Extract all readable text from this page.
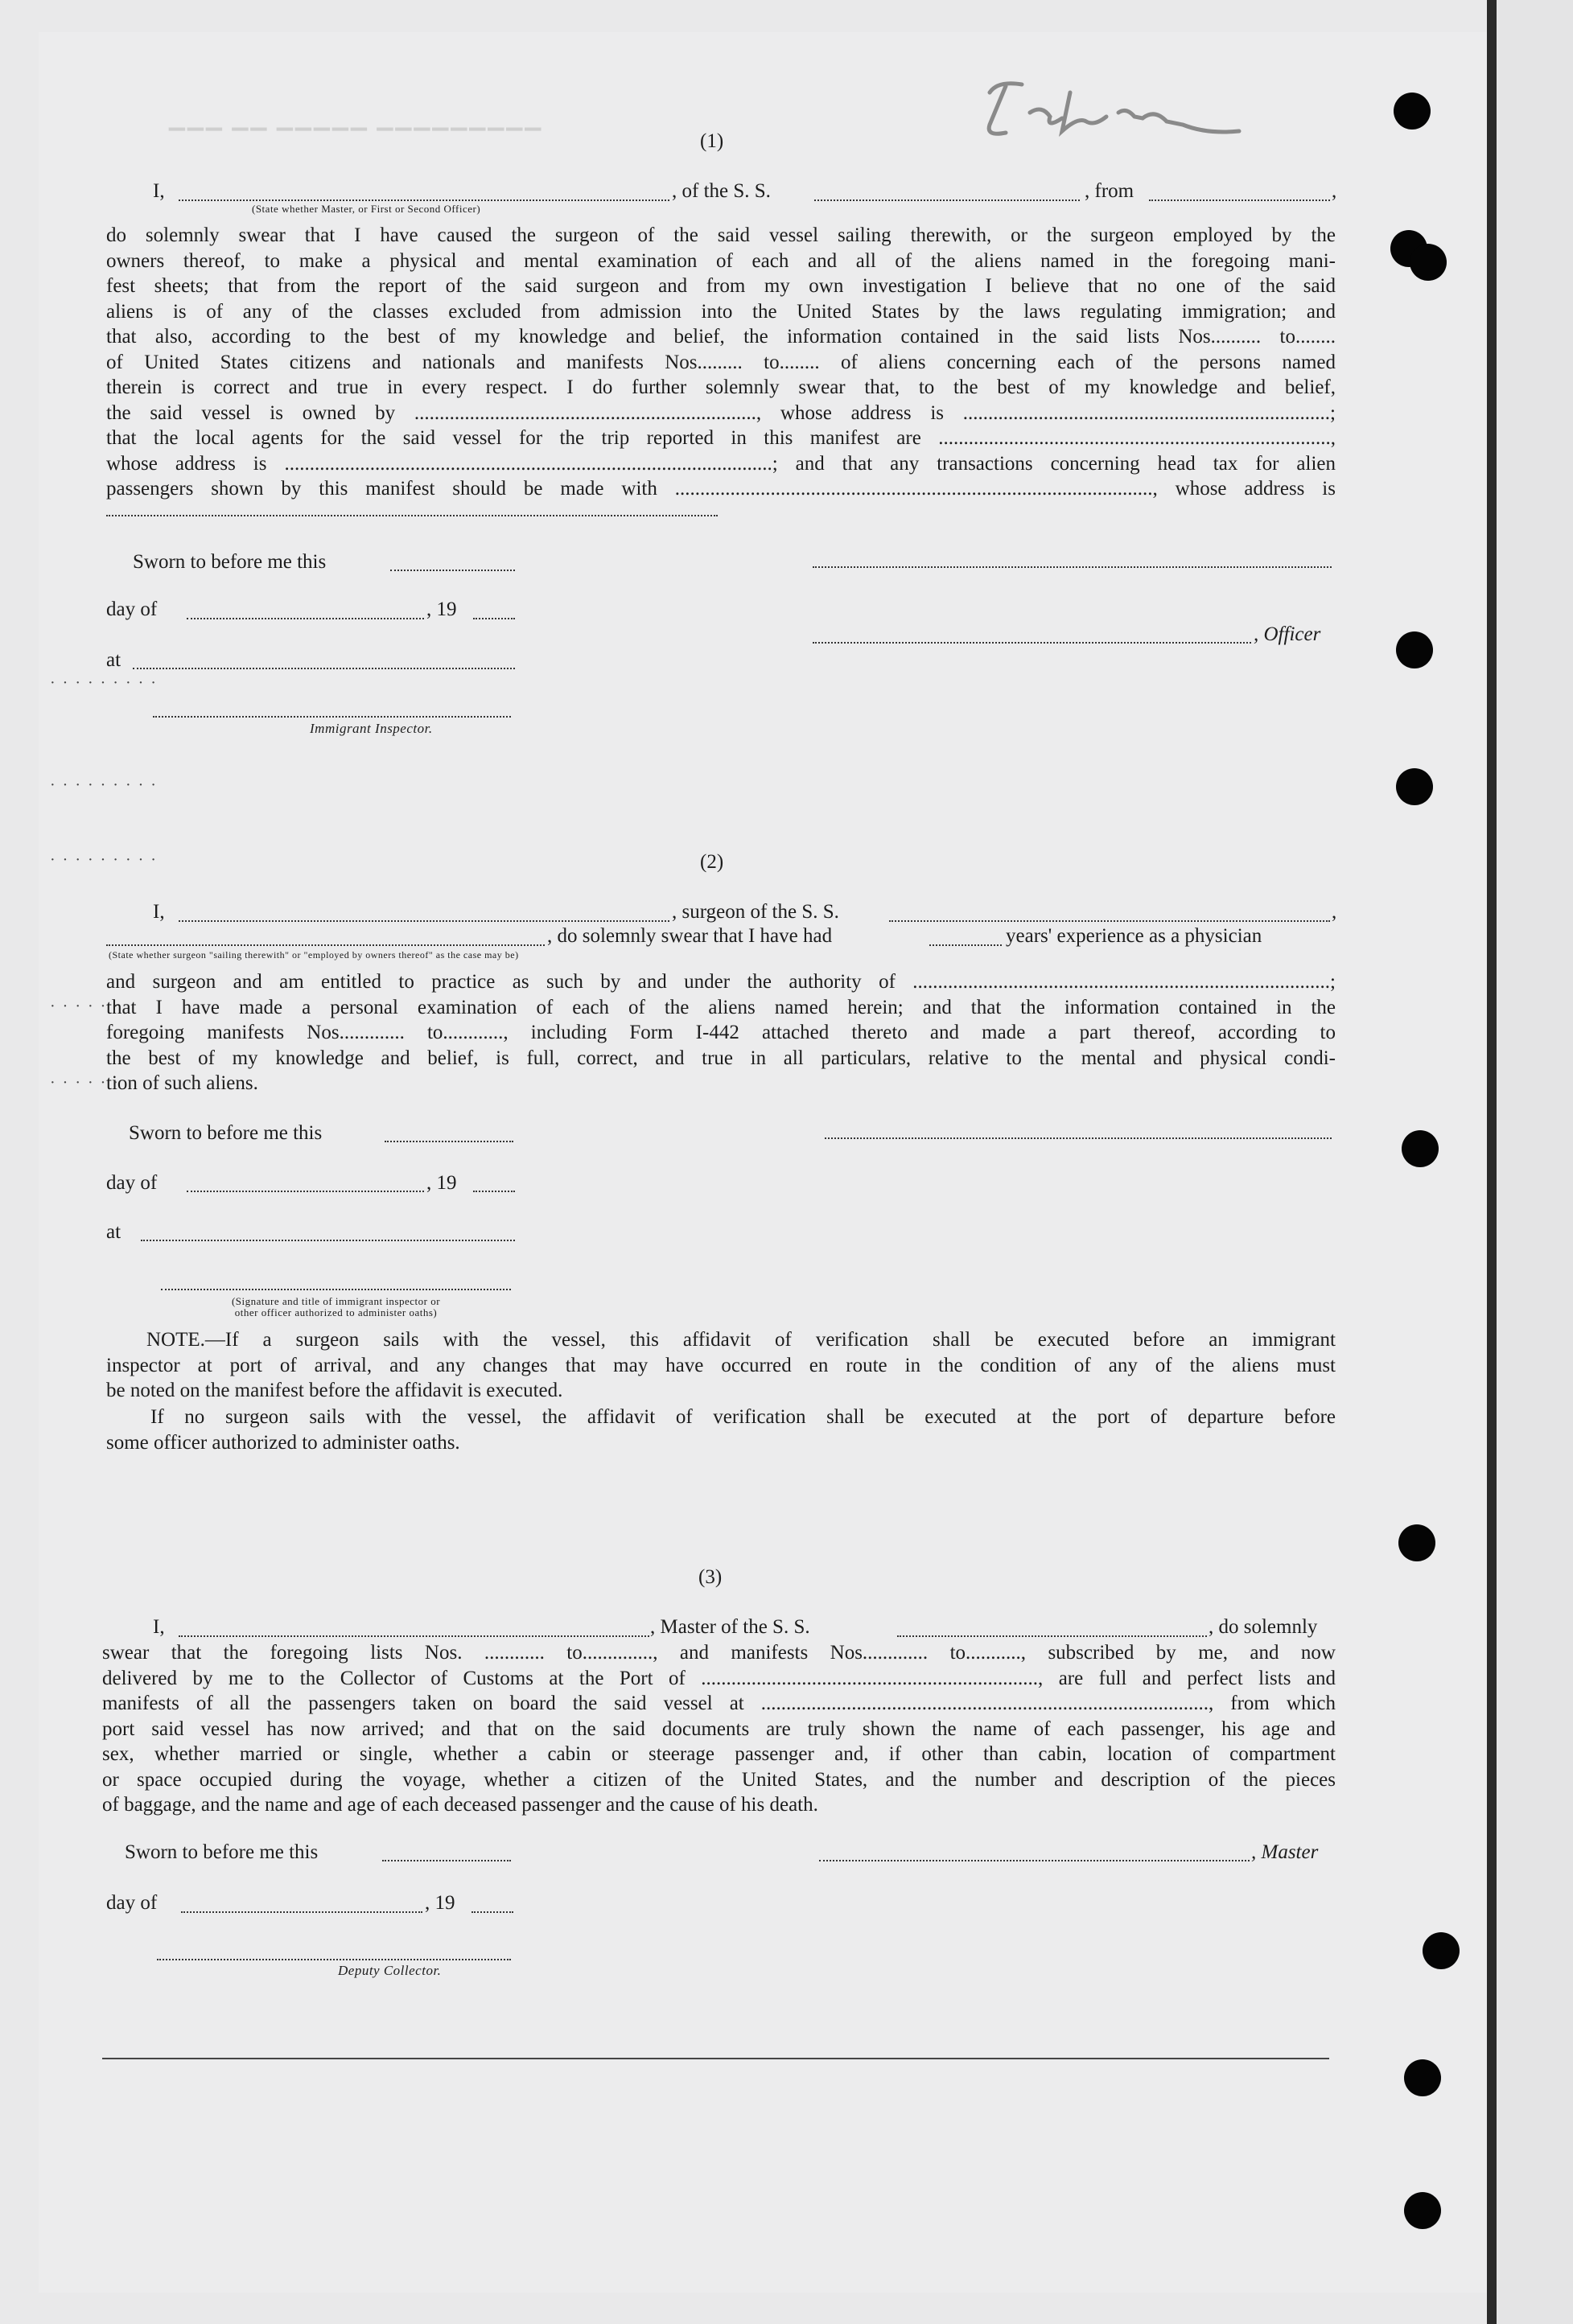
▔▔▔ ▔▔ ▔▔▔▔▔ ▔▔▔▔▔▔▔▔▔	(1)
I,	, of the S. S.	, from	,
(State whether Master, or First or Second Officer)
do solemnly swear that I have caused the surgeon of the said vessel sailing therewith, or the surgeon employed by the
owners thereof, to make a physical and mental examination of each and all of the aliens named in the foregoing mani-
fest sheets; that from the report of the said surgeon and from my own investigation I believe that no one of the said
aliens is of any of the classes excluded from admission into the United States by the laws regulating immigration; and
that also, according to the best of my knowledge and belief, the information contained in the said lists Nos.......... to........
of United States citizens and nationals and manifests Nos......... to........ of aliens concerning each of the persons named
therein is correct and true in every respect. I do further solemnly swear that, to the best of my knowledge and belief,
the said vessel is owned by ...................................................................., whose address is .........................................................................;
that the local agents for the said vessel for the trip reported in this manifest are ..............................................................................,
whose address is .................................................................................................; and that any transactions concerning head tax for alien
passengers shown by this manifest should be made with ..............................................................................................., whose address is
Sworn to before me this
day of	, 19
, Officer
at
·········
Immigrant Inspector.
·········
·········	(2)
I,	, surgeon of the S. S.	,
, do solemnly swear that I have had	years' experience as a physician
(State whether surgeon "sailing therewith" or "employed by owners thereof" as the case may be)
and surgeon and am entitled to practice as such by and under the authority of ...................................................................................;
that I have made a personal examination of each of the aliens named herein; and that the information contained in the
foregoing manifests Nos............. to............, including Form I-442 attached thereto and made a part thereof, according to
the best of my knowledge and belief, is full, correct, and true in all particulars, relative to the mental and physical condi-

tion of such aliens.
······
······
Sworn to before me this
day of	, 19
at
(Signature and title of immigrant inspector or
other officer authorized to administer oaths)
NOTE.—If a surgeon sails with the vessel, this affidavit of verification shall be executed before an immigrant
inspector at port of arrival, and any changes that may have occurred en route in the condition of any of the aliens must

be noted on the manifest before the affidavit is executed.
If no surgeon sails with the vessel, the affidavit of verification shall be executed at the port of departure before

some officer authorized to administer oaths.
(3)
I,	, Master of the S. S.	, do solemnly
swear that the foregoing lists Nos. ............ to.............., and manifests Nos............. to..........., subscribed by me, and now
delivered by me to the Collector of Customs at the Port of ..................................................................., are full and perfect lists and
manifests of all the passengers taken on board the said vessel at ........................................................................................., from which
port said vessel has now arrived; and that on the said documents are truly shown the name of each passenger, his age and
sex, whether married or single, whether a cabin or steerage passenger and, if other than cabin, location of compartment
or space occupied during the voyage, whether a citizen of the United States, and the number and description of the pieces

of baggage, and the name and age of each deceased passenger and the cause of his death.
Sworn to before me this	, Master
day of	, 19
Deputy Collector.
